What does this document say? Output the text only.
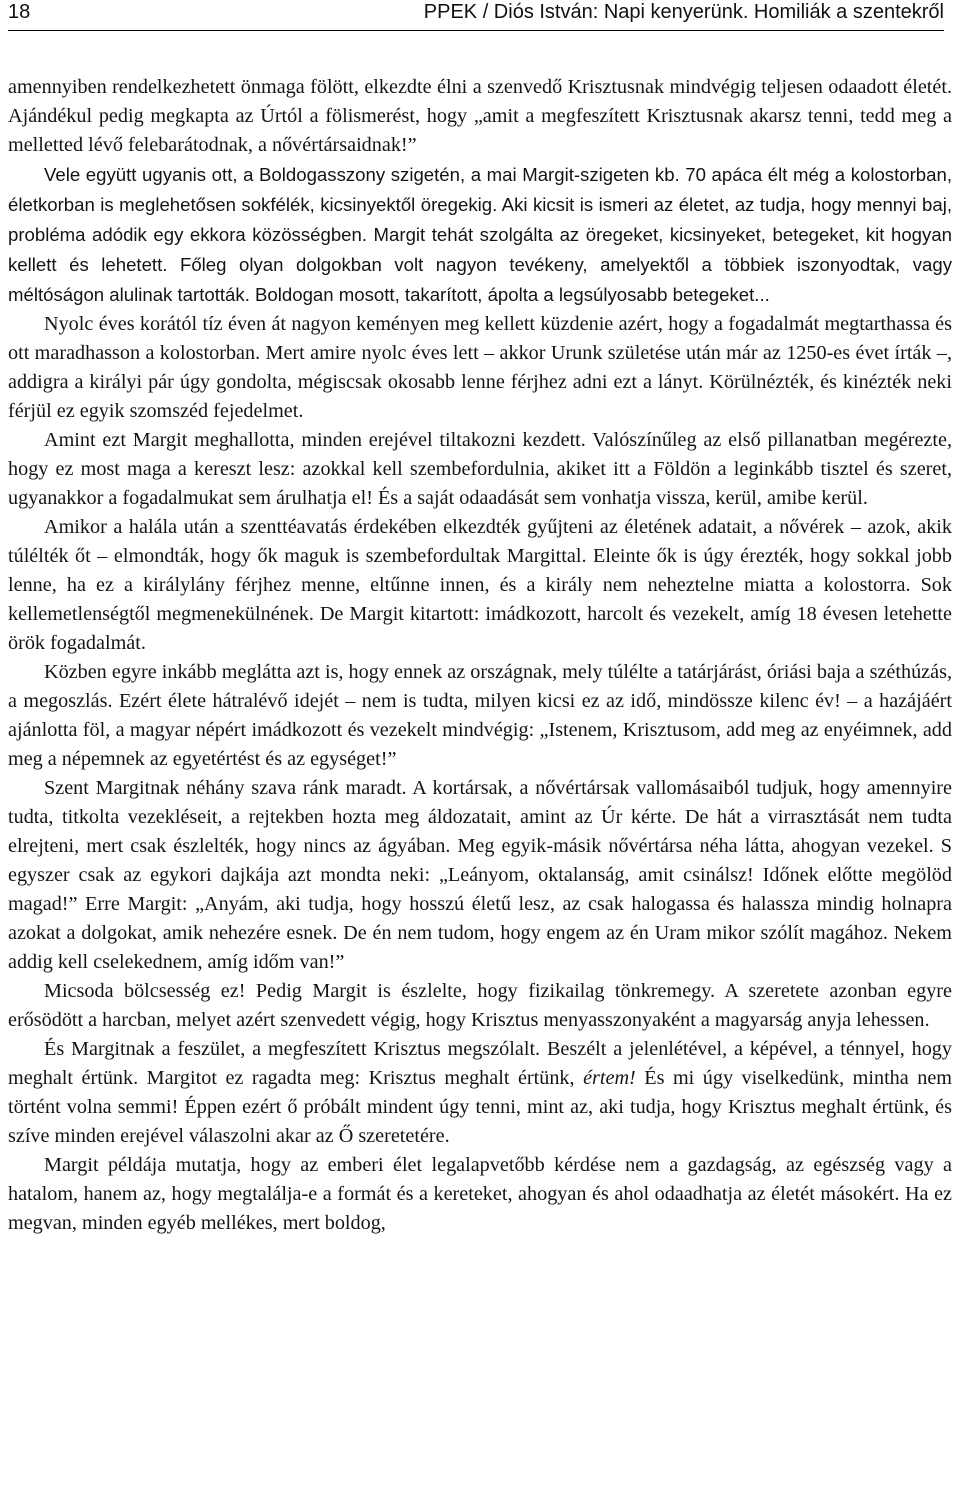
18	PPEK / Diós István: Napi kenyerünk. Homiliák a szentekről

amennyiben rendelkezhetett önmaga fölött, elkezdte élni a szenvedő Krisztusnak mindvégig teljesen odaadott életét. Ajándékul pedig megkapta az Úrtól a fölismerést, hogy „amit a megfeszített Krisztusnak akarsz tenni, tedd meg a melletted lévő felebarátodnak, a nővértársaidnak!”

Vele együtt ugyanis ott, a Boldogasszony szigetén, a mai Margit-szigeten kb. 70 apáca élt még a kolostorban, életkorban is meglehetősen sokfélék, kicsinyektől öregekig. Aki kicsit is ismeri az életet, az tudja, hogy mennyi baj, probléma adódik egy ekkora közösségben. Margit tehát szolgálta az öregeket, kicsinyeket, betegeket, kit hogyan kellett és lehetett. Főleg olyan dolgokban volt nagyon tevékeny, amelyektől a többiek iszonyodtak, vagy méltóságon alulinak tartották. Boldogan mosott, takarított, ápolta a legsúlyosabb betegeket...

Nyolc éves korától tíz éven át nagyon keményen meg kellett küzdenie azért, hogy a fogadalmát megtarthassa és ott maradhasson a kolostorban. Mert amire nyolc éves lett – akkor Urunk születése után már az 1250-es évet írták –, addigra a királyi pár úgy gondolta, mégiscsak okosabb lenne férjhez adni ezt a lányt. Körülnézték, és kinézték neki férjül ez egyik szomszéd fejedelmet.

Amint ezt Margit meghallotta, minden erejével tiltakozni kezdett. Valószínűleg az első pillanatban megérezte, hogy ez most maga a kereszt lesz: azokkal kell szembefordulnia, akiket itt a Földön a leginkább tisztel és szeret, ugyanakkor a fogadalmukat sem árulhatja el! És a saját odaadását sem vonhatja vissza, kerül, amibe kerül.

Amikor a halála után a szenttéavatás érdekében elkezdték gyűjteni az életének adatait, a nővérek – azok, akik túlélték őt – elmondták, hogy ők maguk is szembefordultak Margittal. Eleinte ők is úgy érezték, hogy sokkal jobb lenne, ha ez a királylány férjhez menne, eltűnne innen, és a király nem neheztelne miatta a kolostorra. Sok kellemetlenségtől megmenekülnének. De Margit kitartott: imádkozott, harcolt és vezekelt, amíg 18 évesen letehette örök fogadalmát.

Közben egyre inkább meglátta azt is, hogy ennek az országnak, mely túlélte a tatárjárást, óriási baja a széthúzás, a megoszlás. Ezért élete hátralévő idejét – nem is tudta, milyen kicsi ez az idő, mindössze kilenc év! – a hazájáért ajánlotta föl, a magyar népért imádkozott és vezekelt mindvégig: „Istenem, Krisztusom, add meg az enyéimnek, add meg a népemnek az egyetértést és az egységet!”

Szent Margitnak néhány szava ránk maradt. A kortársak, a nővértársak vallomásaiból tudjuk, hogy amennyire tudta, titkolta vezekléseit, a rejtekben hozta meg áldozatait, amint az Úr kérte. De hát a virrasztását nem tudta elrejteni, mert csak észlelték, hogy nincs az ágyában. Meg egyik-másik nővértársa néha látta, ahogyan vezekel. S egyszer csak az egykori dajkája azt mondta neki: „Leányom, oktalanság, amit csinálsz! Időnek előtte megölöd magad!” Erre Margit: „Anyám, aki tudja, hogy hosszú életű lesz, az csak halogassa és halassza mindig holnapra azokat a dolgokat, amik nehezére esnek. De én nem tudom, hogy engem az én Uram mikor szólít magához. Nekem addig kell cselekednem, amíg időm van!”

Micsoda bölcsesség ez! Pedig Margit is észlelte, hogy fizikailag tönkremegy. A szeretete azonban egyre erősödött a harcban, melyet azért szenvedett végig, hogy Krisztus menyasszonyaként a magyarság anyja lehessen.

És Margitnak a feszület, a megfeszített Krisztus megszólalt. Beszélt a jelenlétével, a képével, a ténnyel, hogy meghalt értünk. Margitot ez ragadta meg: Krisztus meghalt értünk, értem! És mi úgy viselkedünk, mintha nem történt volna semmi! Éppen ezért ő próbált mindent úgy tenni, mint az, aki tudja, hogy Krisztus meghalt értünk, és szíve minden erejével válaszolni akar az Ő szeretetére.

Margit példája mutatja, hogy az emberi élet legalapvetőbb kérdése nem a gazdagság, az egészség vagy a hatalom, hanem az, hogy megtalálja-e a formát és a kereteket, ahogyan és ahol odaadhatja az életét másokért. Ha ez megvan, minden egyéb mellékes, mert boldog,
